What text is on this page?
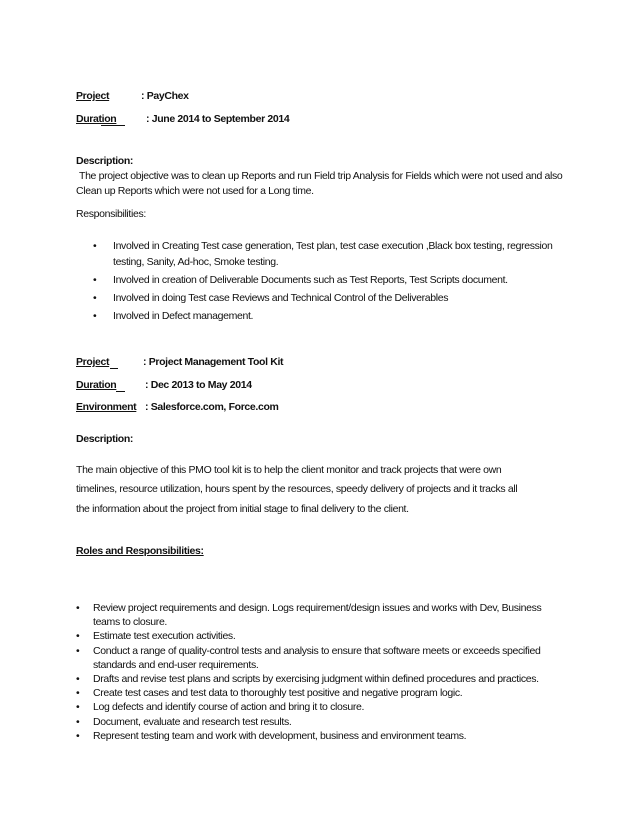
Project	: PayChex
Duration	: June 2014 to September 2014
Description:
The project objective was to clean up Reports and run Field trip Analysis for Fields which were not used and also Clean up Reports which were not used for a Long time.
Responsibilities:
• Involved in Creating Test case generation, Test plan, test case execution ,Black box testing, regression testing, Sanity, Ad-hoc, Smoke testing.
• Involved in creation of Deliverable Documents such as Test Reports, Test Scripts document.
• Involved in doing Test case Reviews and Technical Control of the Deliverables
• Involved in Defect management.
Project	: Project Management Tool Kit
Duration	: Dec 2013 to May 2014
Environment : Salesforce.com, Force.com
Description:
The main objective of this PMO tool kit is to help the client monitor and track projects that were own
timelines, resource utilization, hours spent by the resources, speedy delivery of projects and it tracks all
the information about the project from initial stage to final delivery to the client.
Roles and Responsibilities:
• Review project requirements and design. Logs requirement/design issues and works with Dev, Business teams to closure.
• Estimate test execution activities.
• Conduct a range of quality-control tests and analysis to ensure that software meets or exceeds specified standards and end-user requirements.
• Drafts and revise test plans and scripts by exercising judgment within defined procedures and practices.
• Create test cases and test data to thoroughly test positive and negative program logic.
• Log defects and identify course of action and bring it to closure.
• Document, evaluate and research test results.
• Represent testing team and work with development, business and environment teams.
